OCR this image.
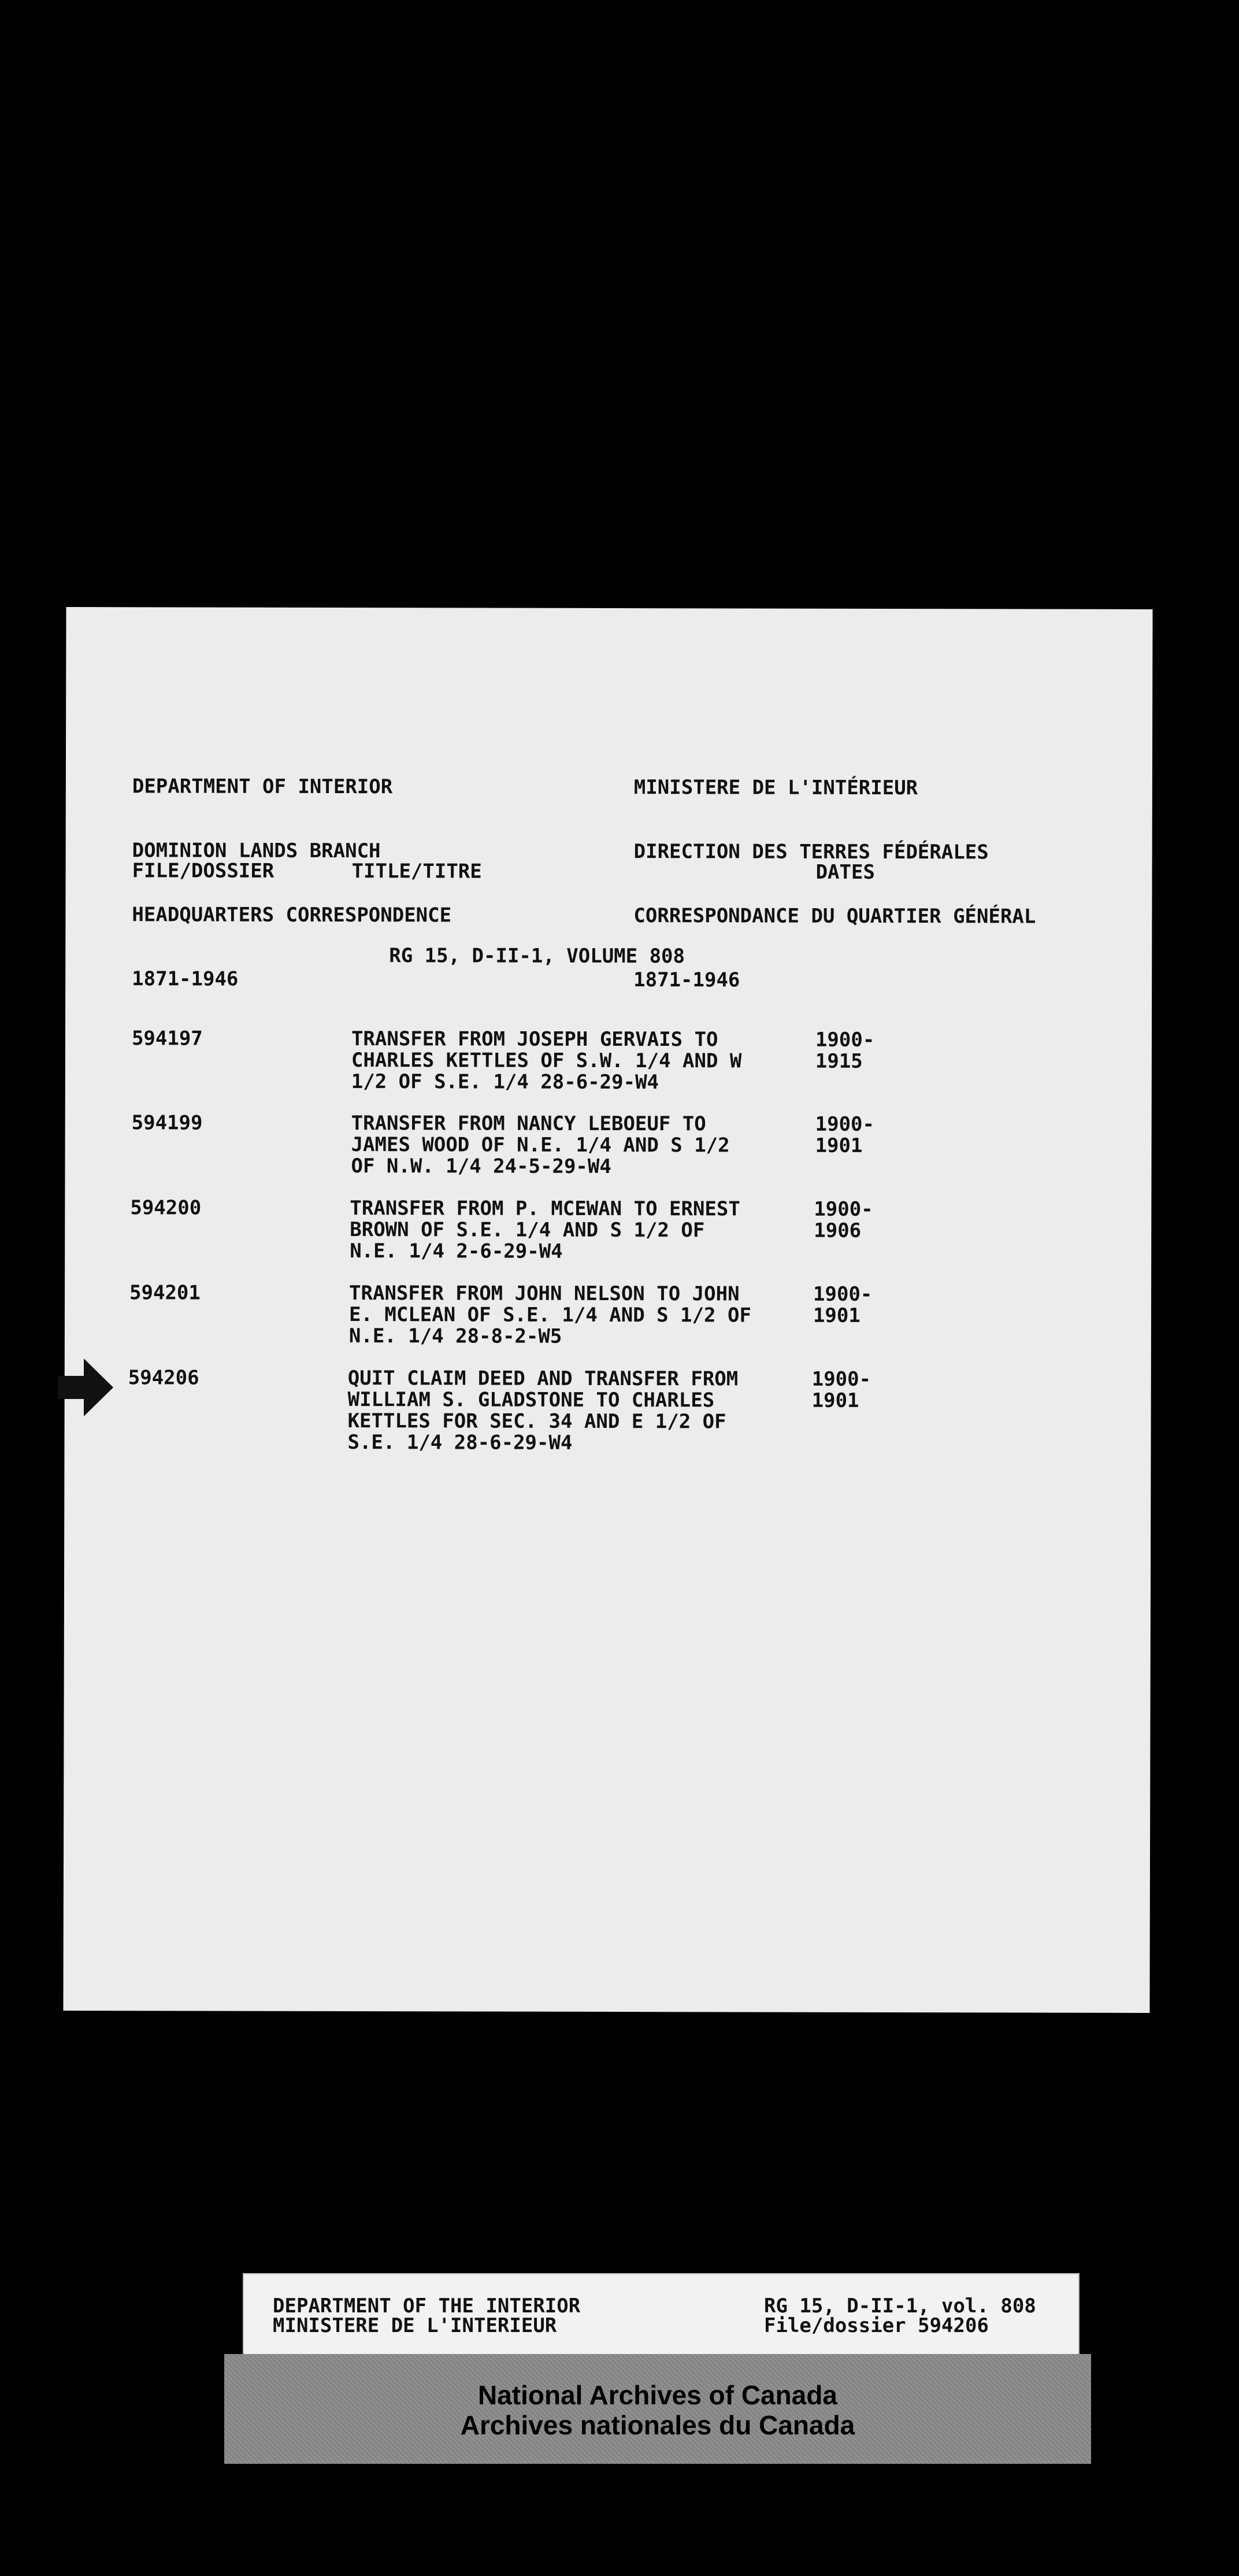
DEPARTMENT OF INTERIOR

DOMINION LANDS BRANCH

HEADQUARTERS CORRESPONDENCE

1871-1946

MINISTERE DE L'INTÉRIEUR

DIRECTION DES TERRES FÉDÉRALES

CORRESPONDANCE DU QUARTIER GÉNÉRAL

1871-1946

FILE/DOSSIER	TITLE/TITRE	DATES
RG 15, D-II-1, VOLUME 808
594197	TRANSFER FROM JOSEPH GERVAIS TO
CHARLES KETTLES OF S.W. 1/4 AND W
1/2 OF S.E. 1/4 28-6-29-W4
1900-1915
594199	TRANSFER FROM NANCY LEBOEUF TO
JAMES WOOD OF N.E. 1/4 AND S 1/2
OF N.W. 1/4 24-5-29-W4
1900-1901
594200	TRANSFER FROM P. MCEWAN TO ERNEST
BROWN OF S.E. 1/4 AND S 1/2 OF
N.E. 1/4 2-6-29-W4
1900-1906
594201	TRANSFER FROM JOHN NELSON TO JOHN
E. MCLEAN OF S.E. 1/4 AND S 1/2 OF
N.E. 1/4 28-8-2-W5
1900-1901
594206	QUIT CLAIM DEED AND TRANSFER FROM
WILLIAM S. GLADSTONE TO CHARLES
KETTLES FOR SEC. 34 AND E 1/2 OF
S.E. 1/4 28-6-29-W4
1900-1901
DEPARTMENT OF THE INTERIOR
MINISTERE DE L'INTERIEUR
RG 15, D-II-1, vol. 808
File/dossier 594206
National Archives of Canada
Archives nationales du Canada
